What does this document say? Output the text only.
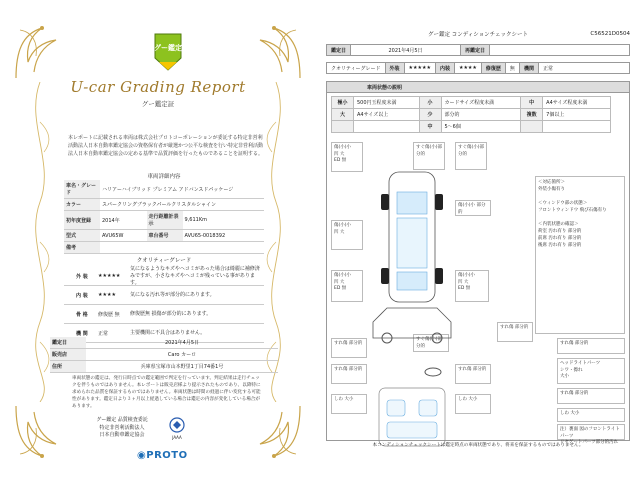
グー鑑定
U-car Grading Report
グー鑑定証
本レポートに記載される車両は株式会社プロトコーポレーションが委託する特定非営利活動法人日本自動車鑑定協会の資格保有者が厳選かつ公平な検査を行い特定非営利活動法人日本自動車鑑定協会の定める基準で品質評価を行ったものであることを証明する。
車両詳細内容
車名・グレード	ハリアーハイブリッド プレミアム アドバンスドパッケージ		
カラー	スパークリングブラックパールクリスタルシャイン		
初年度登録	2014年	走行距離計表示	9,611Km
型式	AVU65W	車台番号	AVU65-0018392
備考			
クオリティーグレード
外 装	★★★★★
気になるようなキズやヘコミがあった場合は綺麗に補修済みですが、小さなキズやヘコミが残っている事があります。
内 装	★★★★	気になる汚れ等が部分的にあります。
骨 格	修復歴 無	修復歴無 損傷が部分的にあります。
機 関	正常	主要機関に不具合はありません。
鑑定日	2021年4月5日
販売店	Caro カーロ
住所	兵庫県宝塚市山本野里1丁目74番1号
車両状態の鑑定は、発行日時点での鑑定範囲で判定を行っています。判定結果は走行チェックを伴うものではありません。本レポートは販売店様より提示されたものであり、以降特に求められた品質を保証するものではありません。車両状態は時間の経過に伴い変化する可能性があります。鑑定日より３ヶ月以上経過している場合は鑑定の内容が変化している場合があります。
グー鑑定 品質検査委託
特定非営利活動法人
日本自動車鑑定協会	JAAA
◉PROTO
グー鑑定 コンディションチェックシート	C56521D0504
鑑定日	2021年4月5日	再鑑定日
クオリティーグレード	外装	★★★★★	内装	★★★★	修復歴	無	機関	正常
車両状態の説明
極小	500円玉程度未満	小	カードサイズ程度未満	中	A4サイズ程度未満
大	A4サイズ以上	少	部分的	複数	7個以上
		中	5～6個		
傷(小)小
凹 大
ED 無
傷(小)小
凹 大
傷(小)小
凹 大
ED 無
すれ傷 部分的
すれ傷 部分的
しわ 大小
すぐ傷(小)部分的
すぐ傷(小)部分的
傷(小)小 部分的
傷(小)小
凹 大
ED 無
すぐ傷(小)部分的
すれ傷 部分的
しわ 大小
すれ傷 部分的
＜対応箇所＞
外装小傷有り

＜ウィンドウ部の状態＞
フロントウィンドウ 飛び石傷有り

＜内装状態の確認＞
荷室 汚れ有り 部分的
前席 汚れ有り 部分的
後席 汚れ有り 部分的
すれ傷 部分的
ヘッドライトパーツ
シワ・擦れ
大小
すれ傷 部分的
しわ 大小
注）裏面 図のフロントライトパーツ
リヤゲートパーツ部分的汚れ
本コンディションチェックシートは鑑定時点の車両状態であり、将来を保証するものではありません。
